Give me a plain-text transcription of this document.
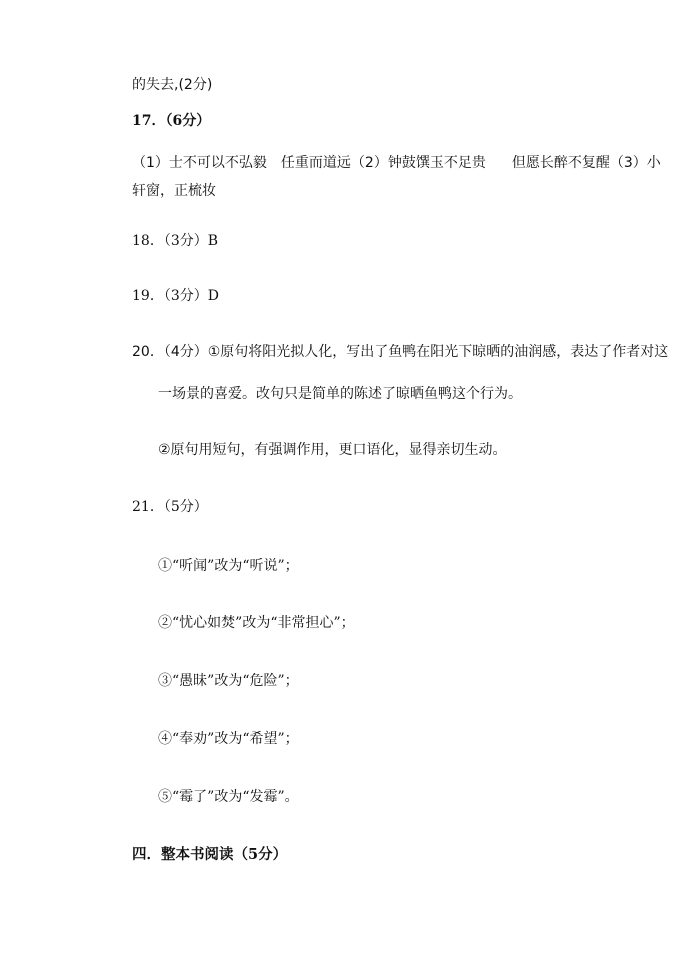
的失去,(2分)
17．（6分）
（1）士不可以不弘毅 任重而道远（2）钟鼓馔玉不足贵 但愿长醉不复醒（3）小
轩窗，正梳妆
18．（3分）B
19．（3分）D
20．（4分）①原句将阳光拟人化，写出了鱼鸭在阳光下晾晒的油润感，表达了作者对这
一场景的喜爱。改句只是简单的陈述了晾晒鱼鸭这个行为。
②原句用短句，有强调作用，更口语化，显得亲切生动。
21．（5分）
①“听闻”改为“听说”；
②“忧心如焚”改为“非常担心”；
③“愚昧”改为“危险”；
④“奉劝”改为“希望”；
⑤“霉了”改为“发霉”。
四．整本书阅读（5分）
